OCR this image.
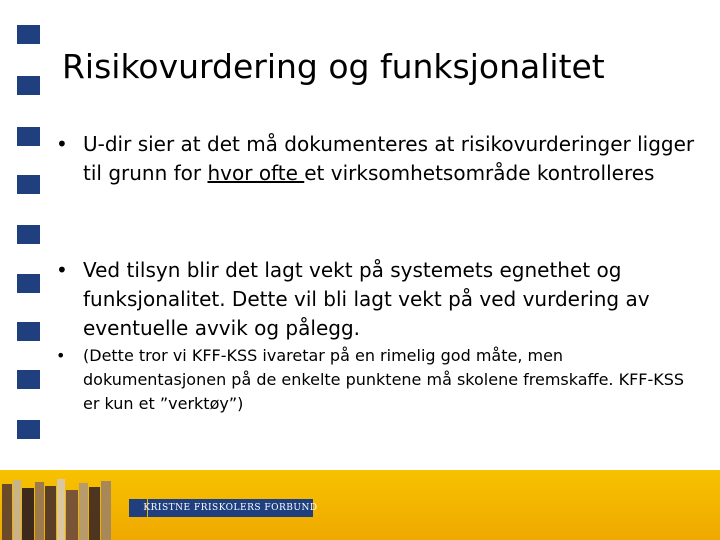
Risikovurdering og funksjonalitet
• U-dir sier at det må dokumenteres at risikovurderinger ligger til grunn for hvor ofte et virksomhetsområde kontrolleres
• Ved tilsyn blir det lagt vekt på systemets egnethet og funksjonalitet. Dette vil bli lagt vekt på ved vurdering av eventuelle avvik og pålegg.
• (Dette tror vi KFF-KSS ivaretar på en rimelig god måte, men dokumentasjonen på de enkelte punktene må skolene fremskaffe. KFF-KSS er kun et ”verktøy”)
KRISTNE FRISKOLERS FORBUND
